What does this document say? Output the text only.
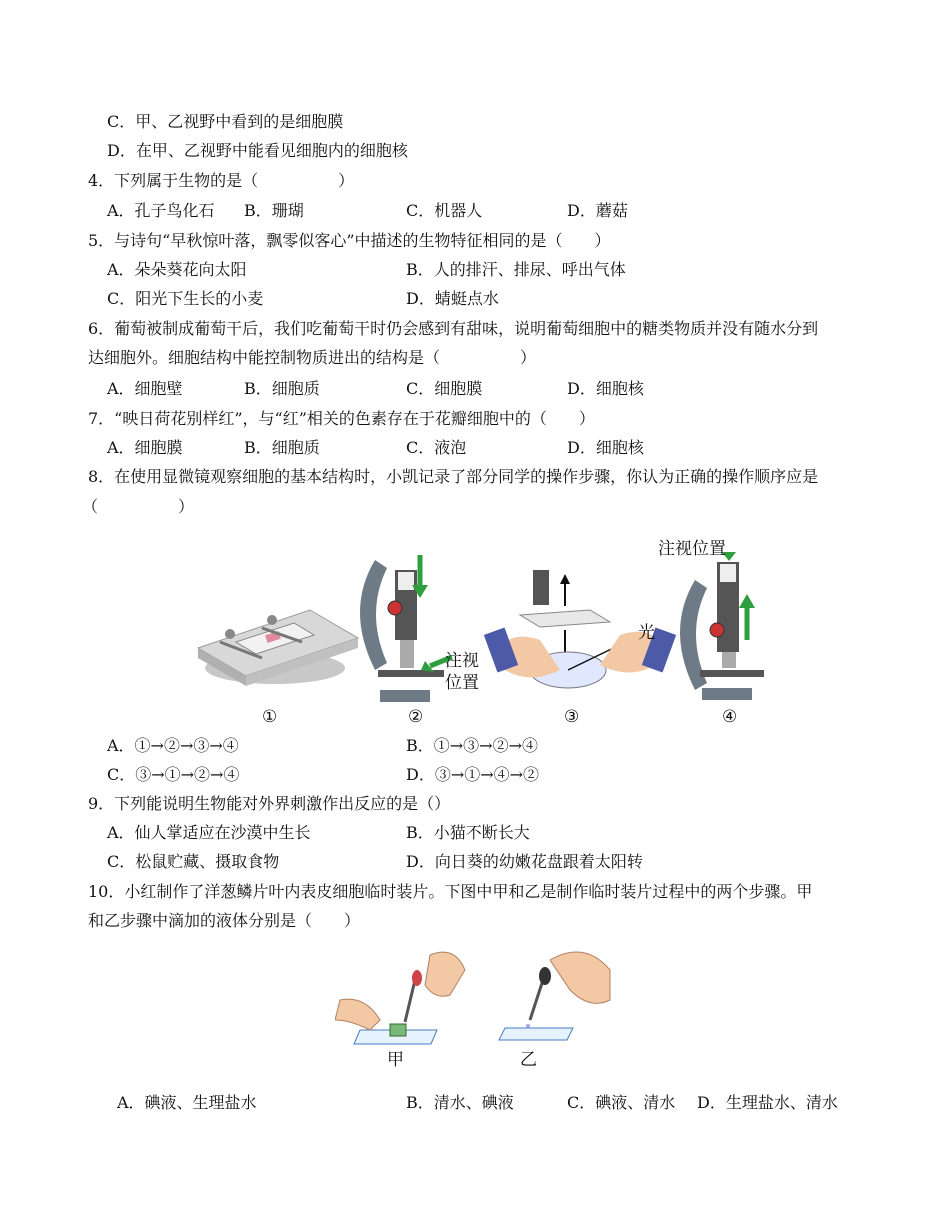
C．甲、乙视野中看到的是细胞膜
D．在甲、乙视野中能看见细胞内的细胞核
4．下列属于生物的是（　　　　　）
A．孔子鸟化石 B．珊瑚	C．机器人	D．蘑菇
5．与诗句“早秋惊叶落，飘零似客心”中描述的生物特征相同的是（　　）
A．朵朵葵花向太阳	B．人的排汗、排尿、呼出气体
C．阳光下生长的小麦	D．蜻蜓点水
6．葡萄被制成葡萄干后，我们吃葡萄干时仍会感到有甜味，说明葡萄细胞中的糖类物质并没有随水分到
达细胞外。细胞结构中能控制物质进出的结构是（　　　　　）
A．细胞壁	B．细胞质	C．细胞膜	D．细胞核
7．“映日荷花别样红”，与“红”相关的色素存在于花瓣细胞中的（　　）
A．细胞膜	B．细胞质	C．液泡	D．细胞核
8．在使用显微镜观察细胞的基本结构时，小凯记录了部分同学的操作步骤，你认为正确的操作顺序应是
（　　　　　）
注视
位置
光
注视位置
①	②	③	④
A．①→②→③→④	B．①→③→②→④
C．③→①→②→④	D．③→①→④→②
9．下列能说明生物能对外界刺激作出反应的是（）
A．仙人掌适应在沙漠中生长	B．小猫不断长大
C．松鼠贮藏、摄取食物	D．向日葵的幼嫩花盘跟着太阳转
10．小红制作了洋葱鳞片叶内表皮细胞临时装片。下图中甲和乙是制作临时装片过程中的两个步骤。甲
和乙步骤中滴加的液体分别是（　　）
甲	乙
A．碘液、生理盐水	B．清水、碘液	C．碘液、清水 D．生理盐水、清水
